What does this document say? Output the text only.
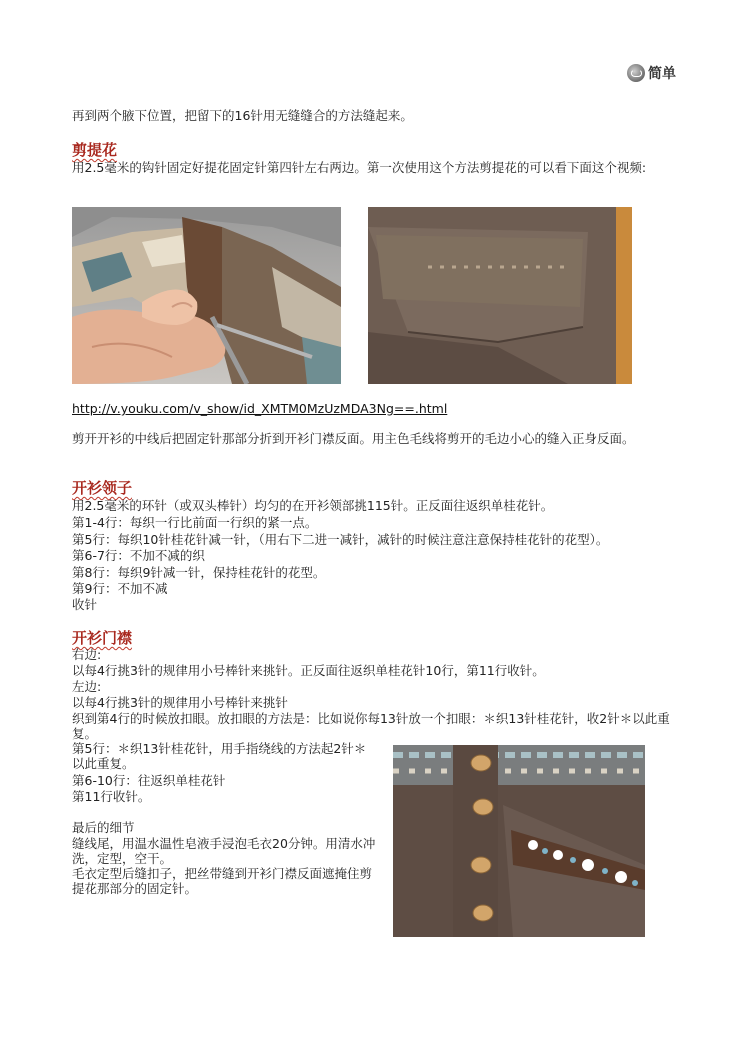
简单
再到两个腋下位置，把留下的16针用无缝缝合的方法缝起来。
剪提花
用2.5毫米的钩针固定好提花固定针第四针左右两边。第一次使用这个方法剪提花的可以看下面这个视频:
http://v.youku.com/v_show/id_XMTM0MzUzMDA3Ng==.html
剪开开衫的中线后把固定针那部分折到开衫门襟反面。用主色毛线将剪开的毛边小心的缝入正身反面。
开衫领子
用2.5毫米的环针（或双头棒针）均匀的在开衫领部挑115针。正反面往返织单桂花针。
第1-4行：每织一行比前面一行织的紧一点。
第5行：每织10针桂花针减一针，（用右下二进一减针，减针的时候注意注意保持桂花针的花型）。
第6-7行：不加不减的织
第8行：每织9针减一针，保持桂花针的花型。
第9行：不加不减
收针
开衫门襟
右边:
以每4行挑3针的规律用小号棒针来挑针。正反面往返织单桂花针10行，第11行收针。
左边:
以每4行挑3针的规律用小号棒针来挑针
织到第4行的时候放扣眼。放扣眼的方法是：比如说你每13针放一个扣眼：＊织13针桂花针，收2针＊以此重复。
第5行：＊织13针桂花针，用手指绕线的方法起2针＊以此重复。
第6-10行：往返织单桂花针
第11行收针。
最后的细节
缝线尾，用温水温性皂液手浸泡毛衣20分钟。用清水冲洗，定型，空干。
毛衣定型后缝扣子，把丝带缝到开衫门襟反面遮掩住剪提花那部分的固定针。
